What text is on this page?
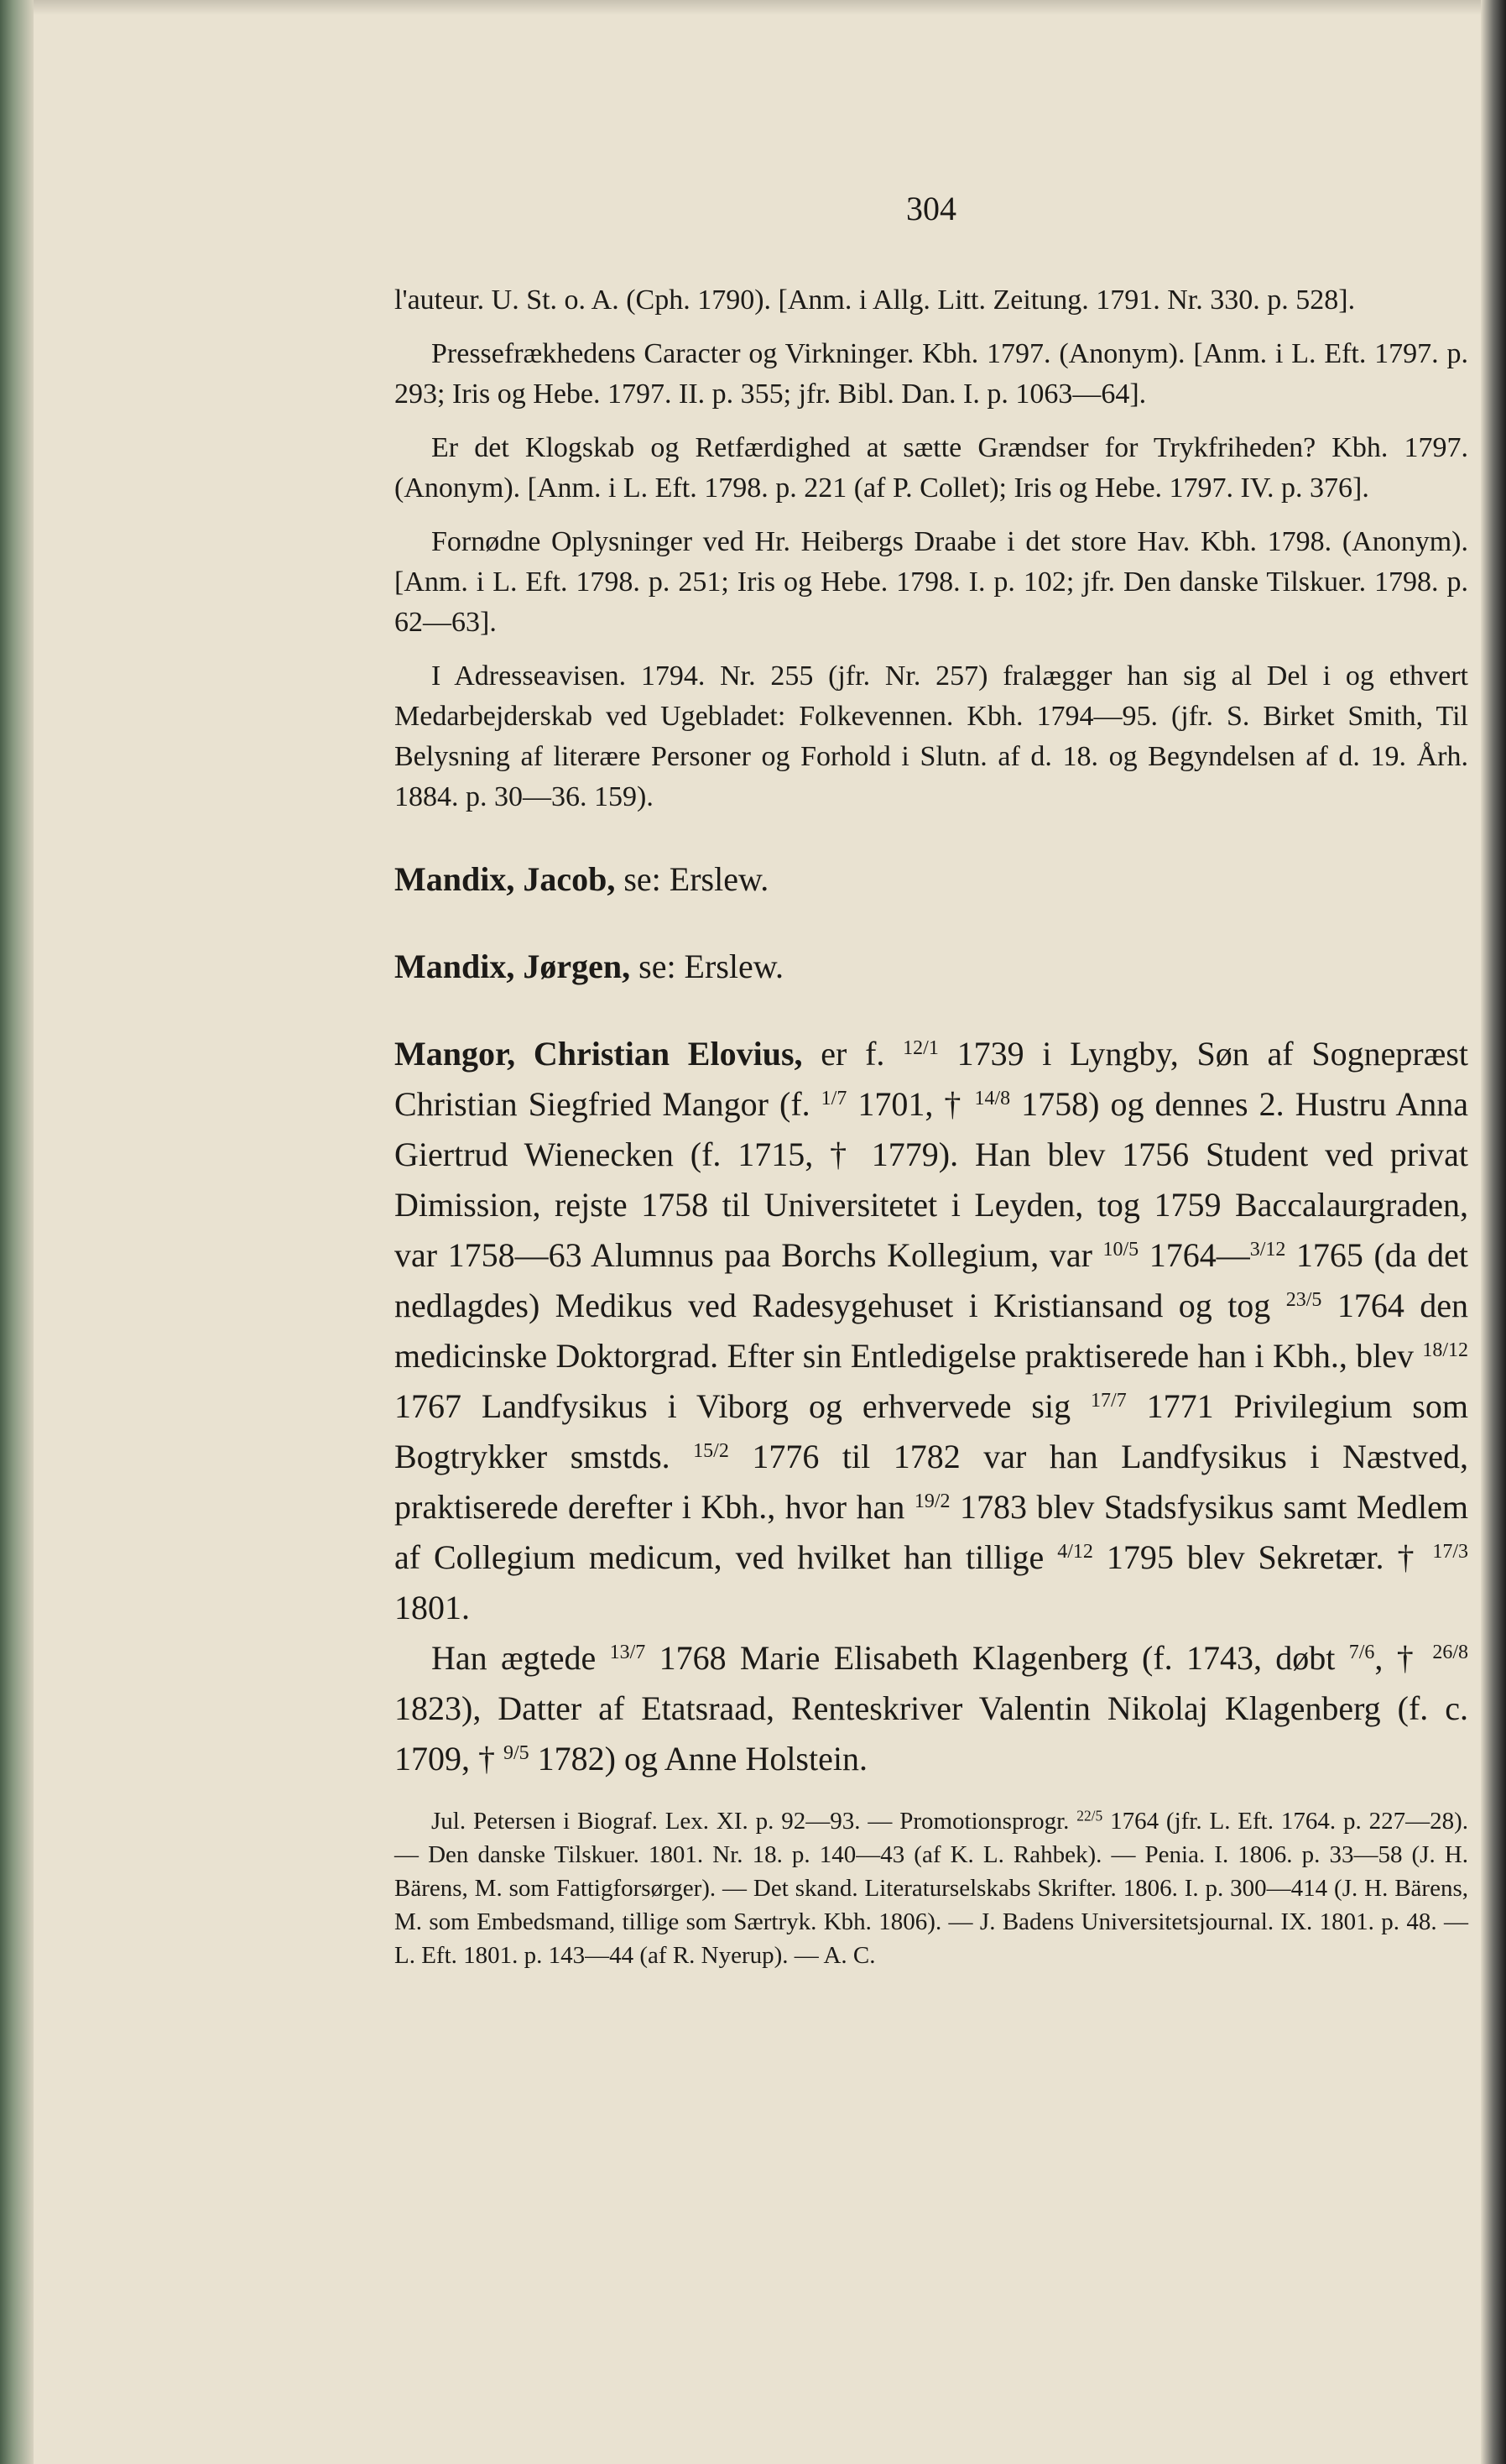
304

l'auteur. U. St. o. A. (Cph. 1790). [Anm. i Allg. Litt. Zeitung. 1791. Nr. 330. p. 528].

Pressefrækhedens Caracter og Virkninger. Kbh. 1797. (Anonym). [Anm. i L. Eft. 1797. p. 293; Iris og Hebe. 1797. II. p. 355; jfr. Bibl. Dan. I. p. 1063—64].

Er det Klogskab og Retfærdighed at sætte Grændser for Trykfriheden? Kbh. 1797. (Anonym). [Anm. i L. Eft. 1798. p. 221 (af P. Collet); Iris og Hebe. 1797. IV. p. 376].

Fornødne Oplysninger ved Hr. Heibergs Draabe i det store Hav. Kbh. 1798. (Anonym). [Anm. i L. Eft. 1798. p. 251; Iris og Hebe. 1798. I. p. 102; jfr. Den danske Tilskuer. 1798. p. 62—63].

I Adresseavisen. 1794. Nr. 255 (jfr. Nr. 257) fralægger han sig al Del i og ethvert Medarbejderskab ved Ugebladet: Folkevennen. Kbh. 1794—95. (jfr. S. Birket Smith, Til Belysning af literære Personer og Forhold i Slutn. af d. 18. og Begyndelsen af d. 19. Årh. 1884. p. 30—36. 159).

Mandix, Jacob, se: Erslew.

Mandix, Jørgen, se: Erslew.

Mangor, Christian Elovius, er f. $^{12/1}$ 1739 i Lyngby, Søn af Sognepræst Christian Siegfried Mangor (f. $^{1/7}$ 1701, † $^{14/8}$ 1758) og dennes 2. Hustru Anna Giertrud Wienecken (f. 1715, † 1779). Han blev 1756 Student ved privat Dimission, rejste 1758 til Universitetet i Leyden, tog 1759 Baccalaurgraden, var 1758—63 Alumnus paa Borchs Kollegium, var $^{10/5}$ 1764—$^{3/12}$ 1765 (da det nedlagdes) Medikus ved Radesygehuset i Kristiansand og tog $^{23/5}$ 1764 den medicinske Doktorgrad. Efter sin Entledigelse praktiserede han i Kbh., blev $^{18/12}$ 1767 Landfysikus i Viborg og erhvervede sig $^{17/7}$ 1771 Privilegium som Bogtrykker smstds. $^{15/2}$ 1776 til 1782 var han Landfysikus i Næstved, praktiserede derefter i Kbh., hvor han $^{19/2}$ 1783 blev Stadsfysikus samt Medlem af Collegium medicum, ved hvilket han tillige $^{4/12}$ 1795 blev Sekretær. † $^{17/3}$ 1801.

Han ægtede $^{13/7}$ 1768 Marie Elisabeth Klagenberg (f. 1743, døbt $^{7/6}$, † $^{26/8}$ 1823), Datter af Etatsraad, Renteskriver Valentin Nikolaj Klagenberg (f. c. 1709, † $^{9/5}$ 1782) og Anne Holstein.

Jul. Petersen i Biograf. Lex. XI. p. 92—93. — Promotionsprogr. $^{22/5}$ 1764 (jfr. L. Eft. 1764. p. 227—28). — Den danske Tilskuer. 1801. Nr. 18. p. 140—43 (af K. L. Rahbek). — Penia. I. 1806. p. 33—58 (J. H. Bärens, M. som Fattigforsørger). — Det skand. Literaturselskabs Skrifter. 1806. I. p. 300—414 (J. H. Bärens, M. som Embedsmand, tillige som Særtryk. Kbh. 1806). — J. Badens Universitetsjournal. IX. 1801. p. 48. — L. Eft. 1801. p. 143—44 (af R. Nyerup). — A. C.
